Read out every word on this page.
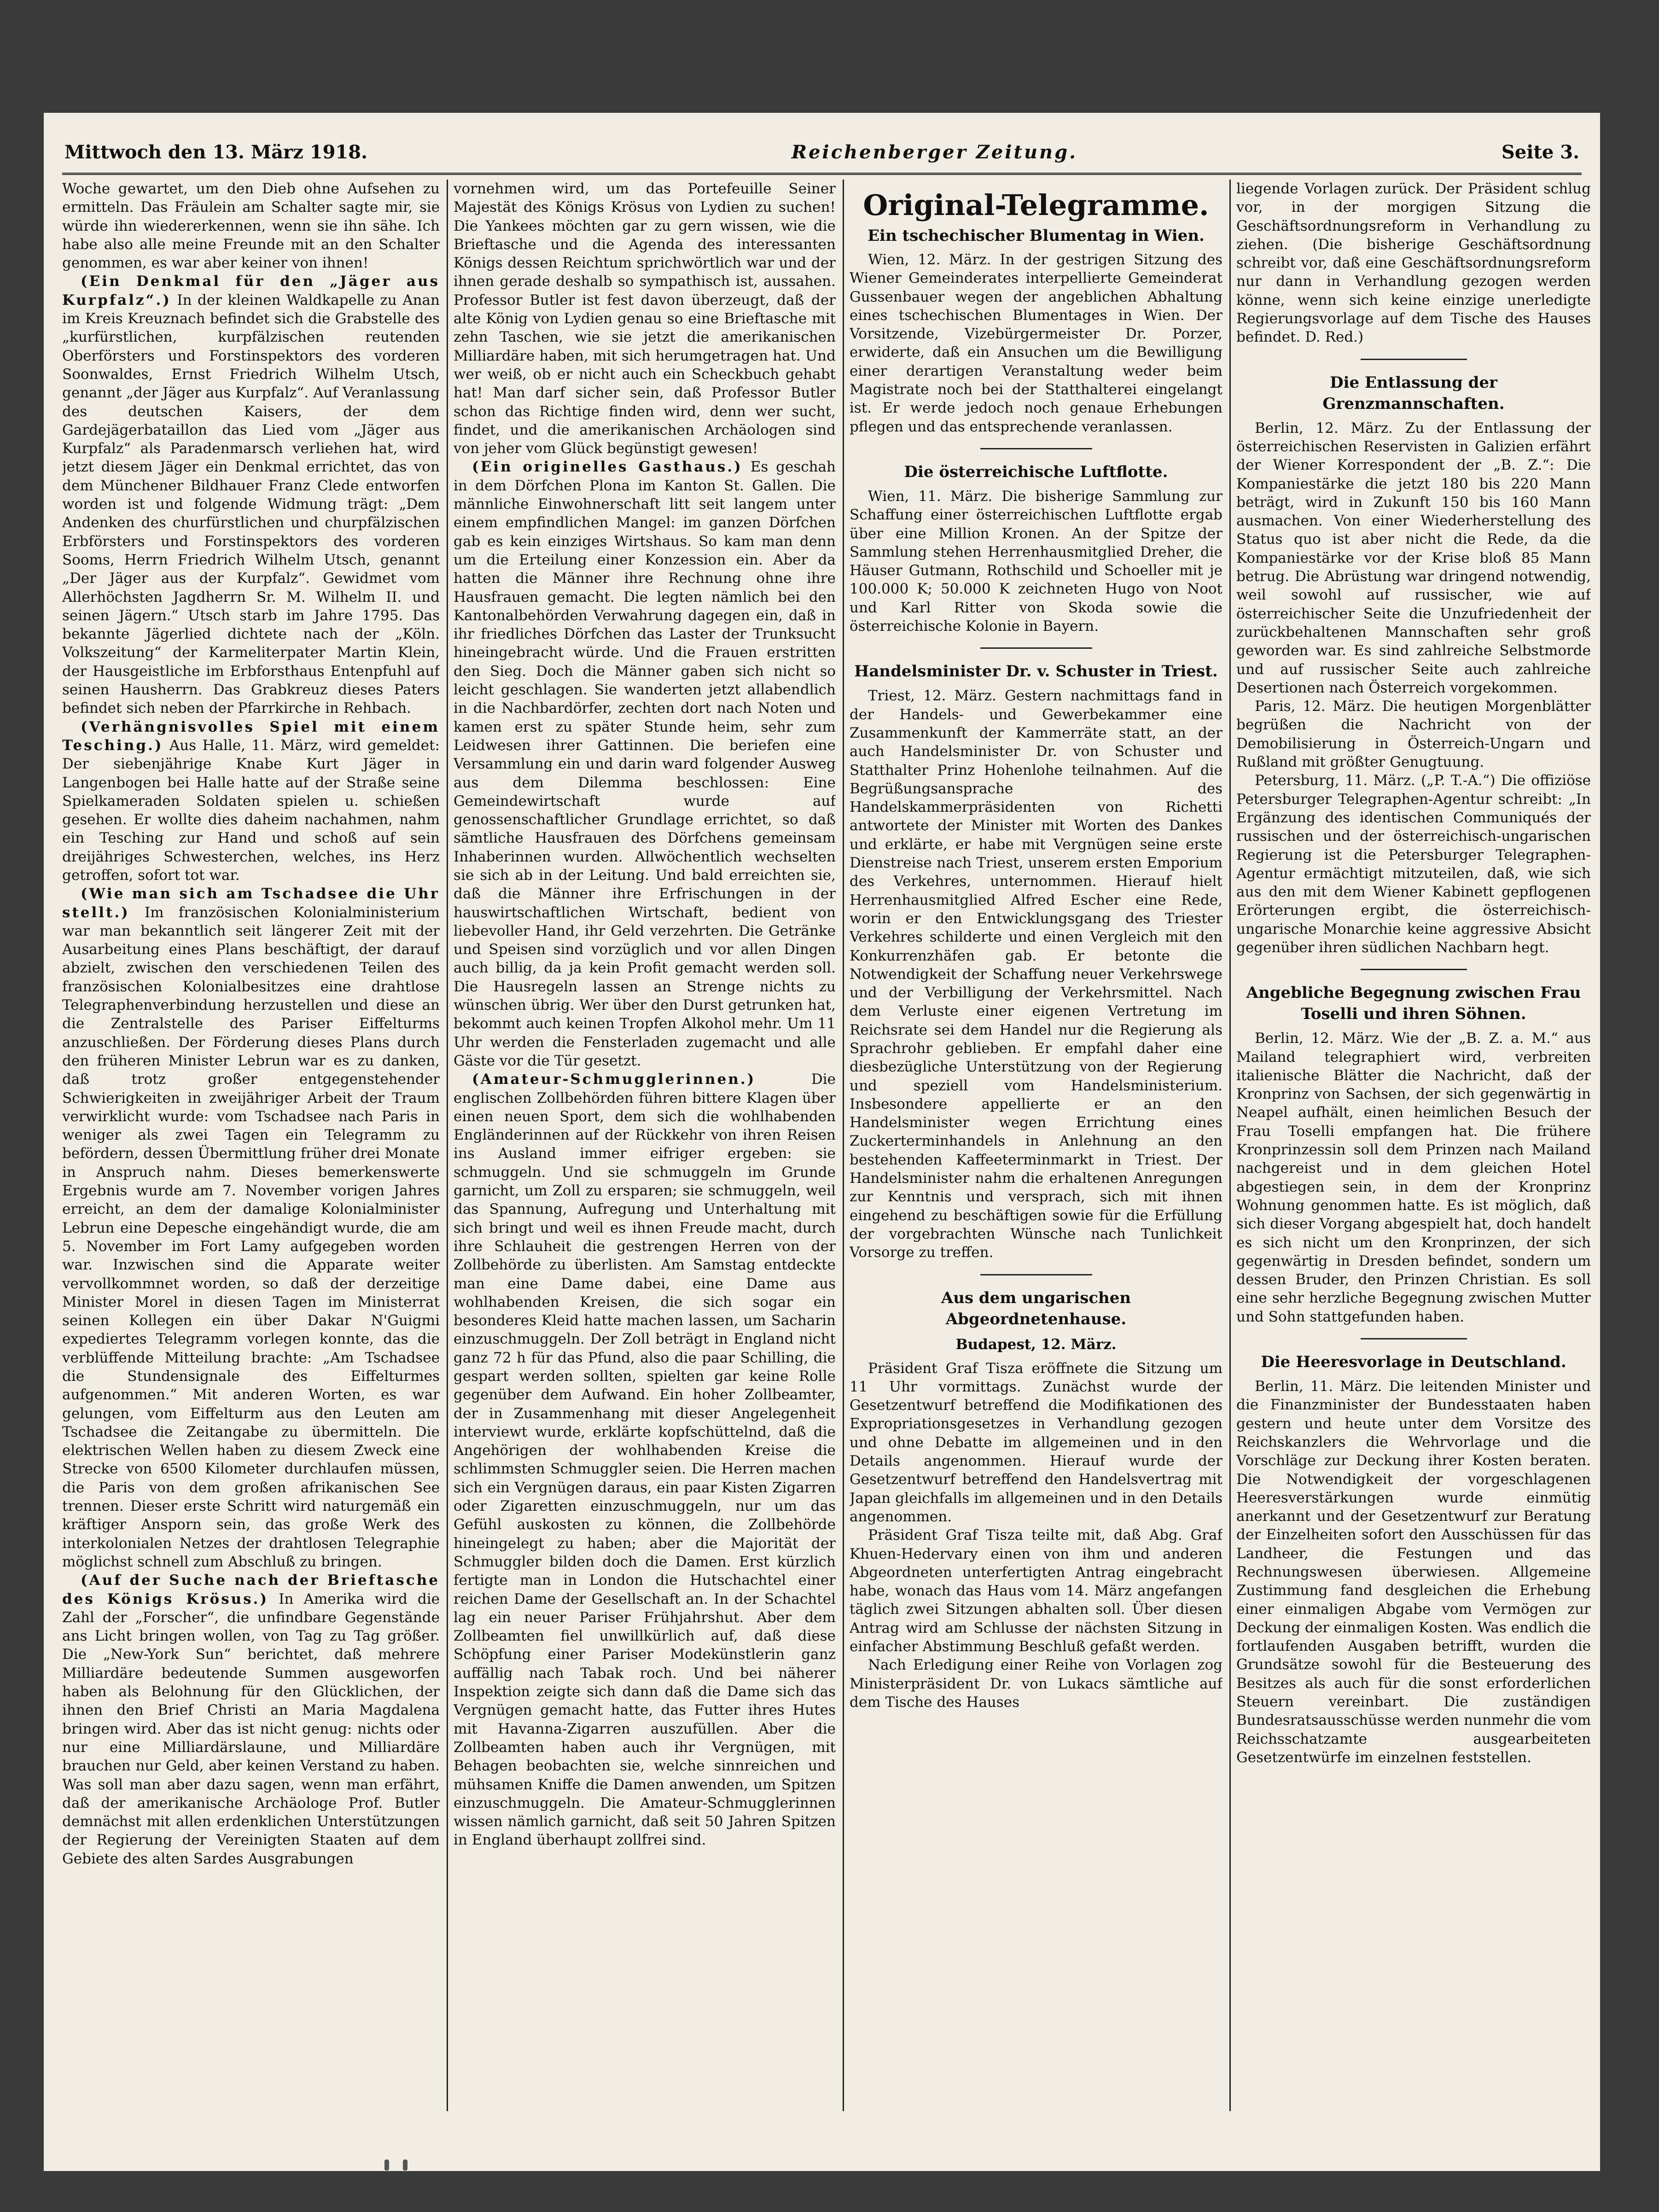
Mittwoch den 13. März 1918.	Reichenberger Zeitung.	Seite 3.

Woche gewartet, um den Dieb ohne Aufsehen zu ermitteln. Das Fräulein am Schalter sagte mir, sie würde ihn wiedererkennen, wenn sie ihn sähe. Ich habe also alle meine Freunde mit an den Schalter genommen, es war aber keiner von ihnen!

(Ein Denkmal für den „Jäger aus Kurpfalz“.) In der kleinen Waldkapelle zu Anan im Kreis Kreuznach befindet sich die Grabstelle des „kurfürstlichen, kurpfälzischen reutenden Oberförsters und Forstinspektors des vorderen Soonwaldes, Ernst Friedrich Wilhelm Utsch, genannt „der Jäger aus Kurpfalz“. Auf Veranlassung des deutschen Kaisers, der dem Gardejägerbataillon das Lied vom „Jäger aus Kurpfalz“ als Paradenmarsch verliehen hat, wird jetzt diesem Jäger ein Denkmal errichtet, das von dem Münchener Bildhauer Franz Clede entworfen worden ist und folgende Widmung trägt: „Dem Andenken des churfürstlichen und churpfälzischen Erbförsters und Forstinspektors des vorderen Sooms, Herrn Friedrich Wilhelm Utsch, genannt „Der Jäger aus der Kurpfalz“. Gewidmet vom Allerhöchsten Jagdherrn Sr. M. Wilhelm II. und seinen Jägern.“ Utsch starb im Jahre 1795. Das bekannte Jägerlied dichtete nach der „Köln. Volkszeitung“ der Karmeliterpater Martin Klein, der Hausgeistliche im Erbforsthaus Entenpfuhl auf seinen Hausherrn. Das Grabkreuz dieses Paters befindet sich neben der Pfarrkirche in Rehbach.

(Verhängnisvolles Spiel mit einem Tesching.) Aus Halle, 11. März, wird gemeldet: Der siebenjährige Knabe Kurt Jäger in Langenbogen bei Halle hatte auf der Straße seine Spielkameraden Soldaten spielen u. schießen gesehen. Er wollte dies daheim nachahmen, nahm ein Tesching zur Hand und schoß auf sein dreijähriges Schwesterchen, welches, ins Herz getroffen, sofort tot war.

(Wie man sich am Tschadsee die Uhr stellt.) Im französischen Kolonialministerium war man bekanntlich seit längerer Zeit mit der Ausarbeitung eines Plans beschäftigt, der darauf abzielt, zwischen den verschiedenen Teilen des französischen Kolonialbesitzes eine drahtlose Telegraphenverbindung herzustellen und diese an die Zentralstelle des Pariser Eiffelturms anzuschließen. Der Förderung dieses Plans durch den früheren Minister Lebrun war es zu danken, daß trotz großer entgegenstehender Schwierigkeiten in zweijähriger Arbeit der Traum verwirklicht wurde: vom Tschadsee nach Paris in weniger als zwei Tagen ein Telegramm zu befördern, dessen Übermittlung früher drei Monate in Anspruch nahm. Dieses bemerkenswerte Ergebnis wurde am 7. November vorigen Jahres erreicht, an dem der damalige Kolonialminister Lebrun eine Depesche eingehändigt wurde, die am 5. November im Fort Lamy aufgegeben worden war. Inzwischen sind die Apparate weiter vervollkommnet worden, so daß der derzeitige Minister Morel in diesen Tagen im Ministerrat seinen Kollegen ein über Dakar N'Guigmi expediertes Telegramm vorlegen konnte, das die verblüffende Mitteilung brachte: „Am Tschadsee die Stundensignale des Eiffelturmes aufgenommen.“ Mit anderen Worten, es war gelungen, vom Eiffelturm aus den Leuten am Tschadsee die Zeitangabe zu übermitteln. Die elektrischen Wellen haben zu diesem Zweck eine Strecke von 6500 Kilometer durchlaufen müssen, die Paris von dem großen afrikanischen See trennen. Dieser erste Schritt wird naturgemäß ein kräftiger Ansporn sein, das große Werk des interkolonialen Netzes der drahtlosen Telegraphie möglichst schnell zum Abschluß zu bringen.

(Auf der Suche nach der Brieftasche des Königs Krösus.) In Amerika wird die Zahl der „Forscher“, die unfindbare Gegenstände ans Licht bringen wollen, von Tag zu Tag größer. Die „New-York Sun“ berichtet, daß mehrere Milliardäre bedeutende Summen ausgeworfen haben als Belohnung für den Glücklichen, der ihnen den Brief Christi an Maria Magdalena bringen wird. Aber das ist nicht genug: nichts oder nur eine Milliardärslaune, und Milliardäre brauchen nur Geld, aber keinen Verstand zu haben. Was soll man aber dazu sagen, wenn man erfährt, daß der amerikanische Archäologe Prof. Butler demnächst mit allen erdenklichen Unterstützungen der Regierung der Vereinigten Staaten auf dem Gebiete des alten Sardes Ausgrabungen

vornehmen wird, um das Portefeuille Seiner Majestät des Königs Krösus von Lydien zu suchen! Die Yankees möchten gar zu gern wissen, wie die Brieftasche und die Agenda des interessanten Königs dessen Reichtum sprichwörtlich war und der ihnen gerade deshalb so sympathisch ist, aussahen. Professor Butler ist fest davon überzeugt, daß der alte König von Lydien genau so eine Brieftasche mit zehn Taschen, wie sie jetzt die amerikanischen Milliardäre haben, mit sich herumgetragen hat. Und wer weiß, ob er nicht auch ein Scheckbuch gehabt hat! Man darf sicher sein, daß Professor Butler schon das Richtige finden wird, denn wer sucht, findet, und die amerikanischen Archäologen sind von jeher vom Glück begünstigt gewesen!

(Ein originelles Gasthaus.) Es geschah in dem Dörfchen Plona im Kanton St. Gallen. Die männliche Einwohnerschaft litt seit langem unter einem empfindlichen Mangel: im ganzen Dörfchen gab es kein einziges Wirtshaus. So kam man denn um die Erteilung einer Konzession ein. Aber da hatten die Männer ihre Rechnung ohne ihre Hausfrauen gemacht. Die legten nämlich bei den Kantonalbehörden Verwahrung dagegen ein, daß in ihr friedliches Dörfchen das Laster der Trunksucht hineingebracht würde. Und die Frauen erstritten den Sieg. Doch die Männer gaben sich nicht so leicht geschlagen. Sie wanderten jetzt allabendlich in die Nachbardörfer, zechten dort nach Noten und kamen erst zu später Stunde heim, sehr zum Leidwesen ihrer Gattinnen. Die beriefen eine Versammlung ein und darin ward folgender Ausweg aus dem Dilemma beschlossen: Eine Gemeindewirtschaft wurde auf genossenschaftlicher Grundlage errichtet, so daß sämtliche Hausfrauen des Dörfchens gemeinsam Inhaberinnen wurden. Allwöchentlich wechselten sie sich ab in der Leitung. Und bald erreichten sie, daß die Männer ihre Erfrischungen in der hauswirtschaftlichen Wirtschaft, bedient von liebevoller Hand, ihr Geld verzehrten. Die Getränke und Speisen sind vorzüglich und vor allen Dingen auch billig, da ja kein Profit gemacht werden soll. Die Hausregeln lassen an Strenge nichts zu wünschen übrig. Wer über den Durst getrunken hat, bekommt auch keinen Tropfen Alkohol mehr. Um 11 Uhr werden die Fensterladen zugemacht und alle Gäste vor die Tür gesetzt.

(Amateur-Schmugglerinnen.)	Die englischen Zollbehörden führen bittere Klagen über einen neuen Sport, dem sich die wohlhabenden Engländerinnen auf der Rückkehr von ihren Reisen ins Ausland immer eifriger ergeben: sie schmuggeln. Und sie schmuggeln im Grunde garnicht, um Zoll zu ersparen; sie schmuggeln, weil das Spannung, Aufregung und Unterhaltung mit sich bringt und weil es ihnen Freude macht, durch ihre Schlauheit die gestrengen Herren von der Zollbehörde zu überlisten. Am Samstag entdeckte man eine Dame dabei, eine Dame aus wohlhabenden Kreisen, die sich sogar ein besonderes Kleid hatte machen lassen, um Sacharin einzuschmuggeln. Der Zoll beträgt in England nicht ganz 72 h für das Pfund, also die paar Schilling, die gespart werden sollten, spielten gar keine Rolle gegenüber dem Aufwand. Ein hoher Zollbeamter, der in Zusammenhang mit dieser Angelegenheit interviewt wurde, erklärte kopfschüttelnd, daß die Angehörigen der wohlhabenden Kreise die schlimmsten Schmuggler seien. Die Herren machen sich ein Vergnügen daraus, ein paar Kisten Zigarren oder Zigaretten einzuschmuggeln, nur um das Gefühl auskosten zu können, die Zollbehörde hineingelegt zu haben; aber die Majorität der Schmuggler bilden doch die Damen. Erst kürzlich fertigte man in London die Hutschachtel einer reichen Dame der Gesellschaft an. In der Schachtel lag ein neuer Pariser Frühjahrshut. Aber dem Zollbeamten fiel unwillkürlich auf, daß diese Schöpfung einer Pariser Modekünstlerin ganz auffällig nach Tabak roch. Und bei näherer Inspektion zeigte sich dann daß die Dame sich das Vergnügen gemacht hatte, das Futter ihres Hutes mit Havanna-Zigarren auszufüllen. Aber die Zollbeamten haben auch ihr Vergnügen, mit Behagen beobachten sie, welche sinnreichen und mühsamen Kniffe die Damen anwenden, um Spitzen einzuschmuggeln. Die Amateur-Schmugglerinnen wissen nämlich garnicht, daß seit 50 Jahren Spitzen in England überhaupt zollfrei sind.

Original-Telegramme.
Ein tschechischer Blumentag in Wien.

Wien, 12. März. In der gestrigen Sitzung des Wiener Gemeinderates interpellierte Gemeinderat Gussenbauer wegen der angeblichen Abhaltung eines tschechischen Blumentages in Wien. Der Vorsitzende, Vizebürgermeister Dr. Porzer, erwiderte, daß ein Ansuchen um die Bewilligung einer derartigen Veranstaltung weder beim Magistrate noch bei der Statthalterei eingelangt ist. Er werde jedoch noch genaue Erhebungen pflegen und das entsprechende veranlassen.

Die österreichische Luftflotte.

Wien, 11. März. Die bisherige Sammlung zur Schaffung einer österreichischen Luftflotte ergab über eine Million Kronen. An der Spitze der Sammlung stehen Herrenhausmitglied Dreher, die Häuser Gutmann, Rothschild und Schoeller mit je 100.000 K; 50.000 K zeichneten Hugo von Noot und Karl Ritter von Skoda sowie die österreichische Kolonie in Bayern.

Handelsminister Dr. v. Schuster in Triest.

Triest, 12. März. Gestern nachmittags fand in der Handels- und Gewerbekammer eine Zusammenkunft der Kammerräte statt, an der auch Handelsminister Dr. von Schuster und Statthalter Prinz Hohenlohe teilnahmen. Auf die Begrüßungsansprache des Handelskammerpräsidenten von Richetti antwortete der Minister mit Worten des Dankes und erklärte, er habe mit Vergnügen seine erste Dienstreise nach Triest, unserem ersten Emporium des Verkehres, unternommen. Hierauf hielt Herrenhausmitglied Alfred Escher eine Rede, worin er den Entwicklungsgang des Triester Verkehres schilderte und einen Vergleich mit den Konkurrenzhäfen gab. Er betonte die Notwendigkeit der Schaffung neuer Verkehrswege und der Verbilligung der Verkehrsmittel. Nach dem Verluste einer eigenen Vertretung im Reichsrate sei dem Handel nur die Regierung als Sprachrohr geblieben. Er empfahl daher eine diesbezügliche Unterstützung von der Regierung und speziell vom Handelsministerium. Insbesondere appellierte er an den Handelsminister wegen Errichtung eines Zuckerterminhandels in Anlehnung an den bestehenden Kaffeeterminmarkt in Triest. Der Handelsminister nahm die erhaltenen Anregungen zur Kenntnis und versprach, sich mit ihnen eingehend zu beschäftigen sowie für die Erfüllung der vorgebrachten Wünsche nach Tunlichkeit Vorsorge zu treffen.

Aus dem ungarischen Abgeordnetenhause.
Budapest, 12. März.

Präsident Graf Tisza eröffnete die Sitzung um 11 Uhr vormittags. Zunächst wurde der Gesetzentwurf betreffend die Modifikationen des Expropriationsgesetzes in Verhandlung gezogen und ohne Debatte im allgemeinen und in den Details angenommen. Hierauf wurde der Gesetzentwurf betreffend den Handelsvertrag mit Japan gleichfalls im allgemeinen und in den Details angenommen.

Präsident Graf Tisza teilte mit, daß Abg. Graf Khuen-Hedervary einen von ihm und anderen Abgeordneten unterfertigten Antrag eingebracht habe, wonach das Haus vom 14. März angefangen täglich zwei Sitzungen abhalten soll. Über diesen Antrag wird am Schlusse der nächsten Sitzung in einfacher Abstimmung Beschluß gefaßt werden.

Nach Erledigung einer Reihe von Vorlagen zog Ministerpräsident Dr. von Lukacs sämtliche auf dem Tische des Hauses

liegende Vorlagen zurück. Der Präsident schlug vor, in der morgigen Sitzung die Geschäftsordnungsreform in Verhandlung zu ziehen. (Die bisherige Geschäftsordnung schreibt vor, daß eine Geschäftsordnungsreform nur dann in Verhandlung gezogen werden könne, wenn sich keine einzige unerledigte Regierungsvorlage auf dem Tische des Hauses befindet. D. Red.)

Die Entlassung der Grenzmannschaften.

Berlin, 12. März. Zu der Entlassung der österreichischen Reservisten in Galizien erfährt der Wiener Korrespondent der „B. Z.“: Die Kompaniestärke die jetzt 180 bis 220 Mann beträgt, wird in Zukunft 150 bis 160 Mann ausmachen. Von einer Wiederherstellung des Status quo ist aber nicht die Rede, da die Kompaniestärke vor der Krise bloß 85 Mann betrug. Die Abrüstung war dringend notwendig, weil sowohl auf russischer, wie auf österreichischer Seite die Unzufriedenheit der zurückbehaltenen Mannschaften sehr groß geworden war. Es sind zahlreiche Selbstmorde und auf russischer Seite auch zahlreiche Desertionen nach Österreich vorgekommen.

Paris, 12. März. Die heutigen Morgenblätter begrüßen die Nachricht von der Demobilisierung in Österreich-Ungarn und Rußland mit größter Genugtuung.

Petersburg, 11. März. („P. T.-A.“) Die offiziöse Petersburger Telegraphen-Agentur schreibt: „In Ergänzung des identischen Communiqués der russischen und der österreichisch-ungarischen Regierung ist die Petersburger Telegraphen-Agentur ermächtigt mitzuteilen, daß, wie sich aus den mit dem Wiener Kabinett gepflogenen Erörterungen ergibt, die österreichisch-ungarische Monarchie keine aggressive Absicht gegenüber ihren südlichen Nachbarn hegt.

Angebliche Begegnung zwischen Frau Toselli und ihren Söhnen.

Berlin, 12. März. Wie der „B. Z. a. M.“ aus Mailand telegraphiert wird, verbreiten italienische Blätter die Nachricht, daß der Kronprinz von Sachsen, der sich gegenwärtig in Neapel aufhält, einen heimlichen Besuch der Frau Toselli empfangen hat. Die frühere Kronprinzessin soll dem Prinzen nach Mailand nachgereist und in dem gleichen Hotel abgestiegen sein, in dem der Kronprinz Wohnung genommen hatte. Es ist möglich, daß sich dieser Vorgang abgespielt hat, doch handelt es sich nicht um den Kronprinzen, der sich gegenwärtig in Dresden befindet, sondern um dessen Bruder, den Prinzen Christian. Es soll eine sehr herzliche Begegnung zwischen Mutter und Sohn stattgefunden haben.

Die Heeresvorlage in Deutschland.

Berlin, 11. März. Die leitenden Minister und die Finanzminister der Bundesstaaten haben gestern und heute unter dem Vorsitze des Reichskanzlers die Wehrvorlage und die Vorschläge zur Deckung ihrer Kosten beraten. Die Notwendigkeit der vorgeschlagenen Heeresverstärkungen wurde einmütig anerkannt und der Gesetzentwurf zur Beratung der Einzelheiten sofort den Ausschüssen für das Landheer, die Festungen und das Rechnungswesen überwiesen. Allgemeine Zustimmung fand desgleichen die Erhebung einer einmaligen Abgabe vom Vermögen zur Deckung der einmaligen Kosten. Was endlich die fortlaufenden Ausgaben betrifft, wurden die Grundsätze sowohl für die Besteuerung des Besitzes als auch für die sonst erforderlichen Steuern vereinbart. Die zuständigen Bundesratsausschüsse werden nunmehr die vom Reichsschatzamte ausgearbeiteten Gesetzentwürfe im einzelnen feststellen.
